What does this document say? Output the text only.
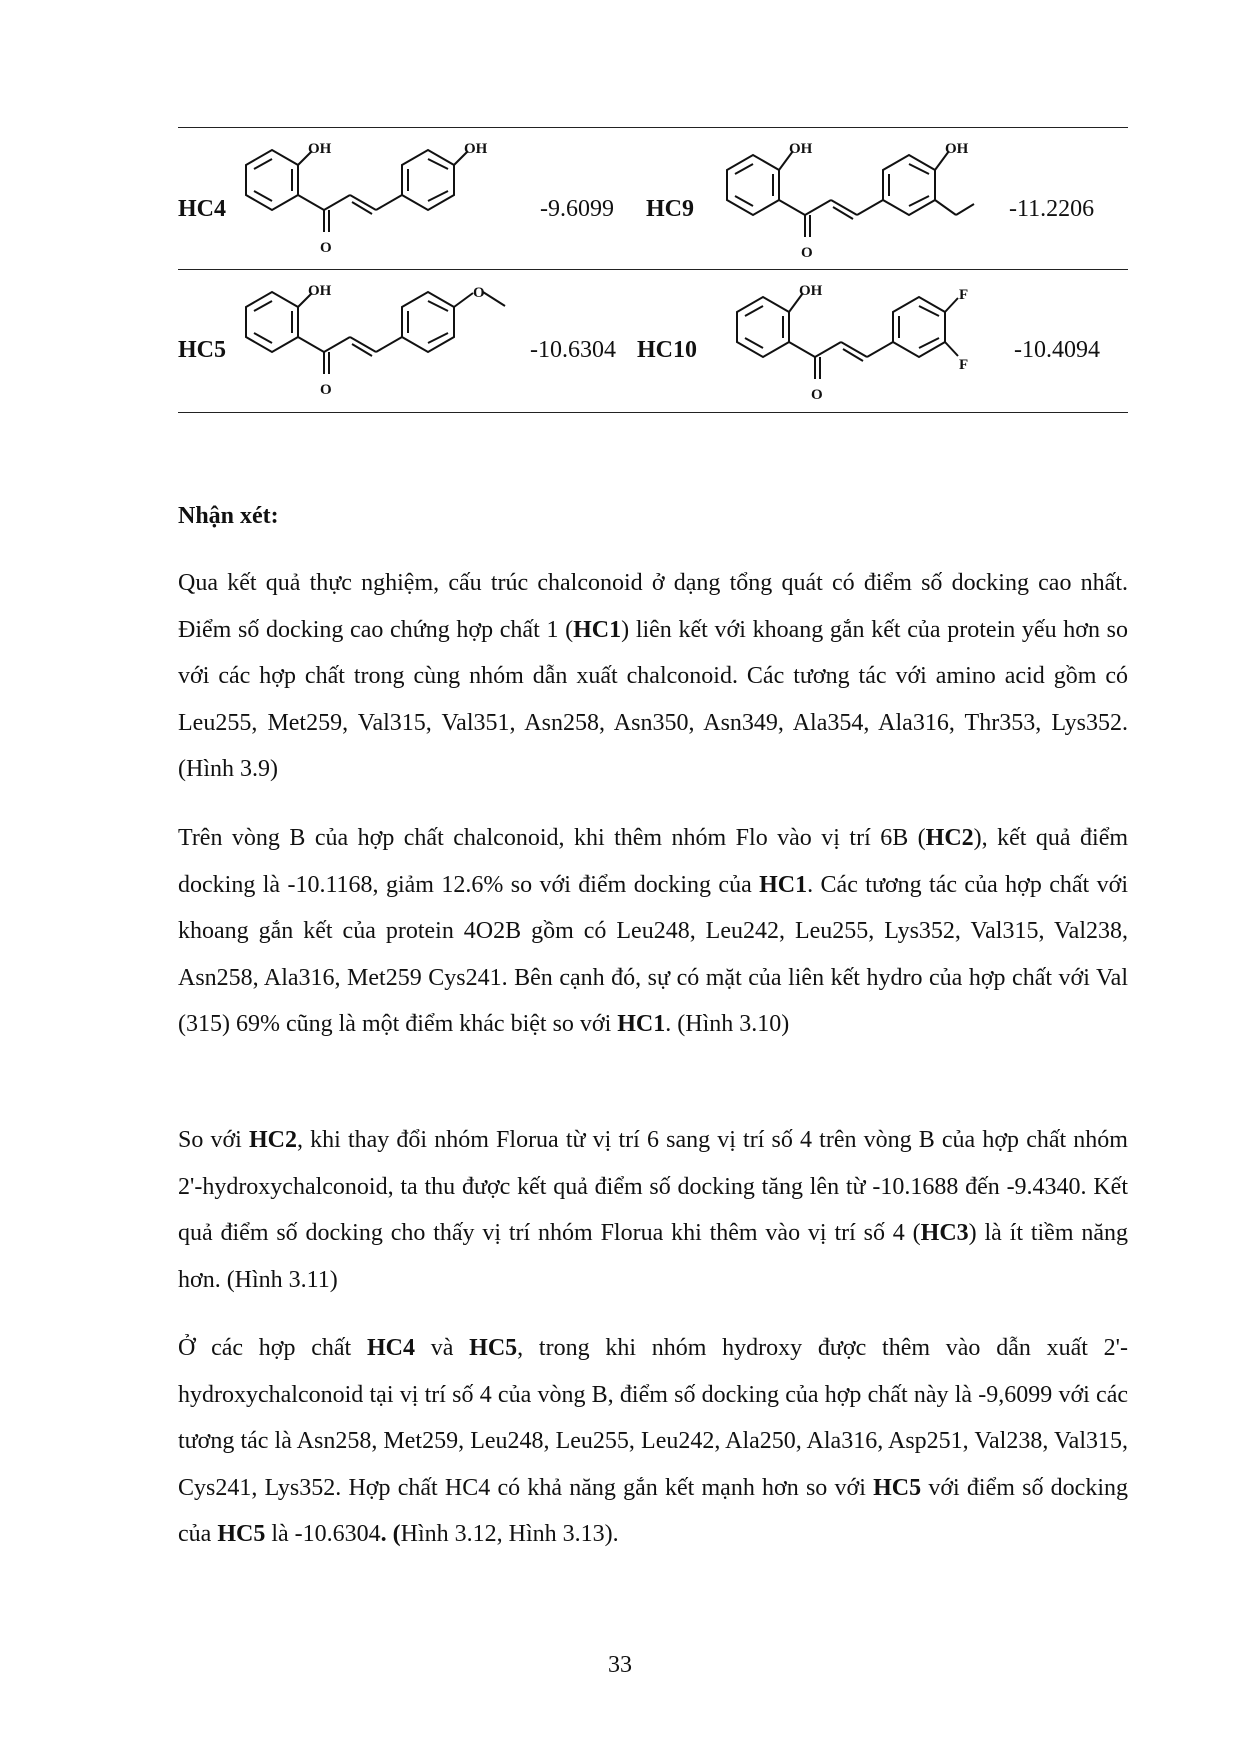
HC4
OH
O
OH
-9.6099 HC9
OH
O
OH
-11.2206
HC5
OH
O
O
-10.6304 HC10
OH
O
F
F
-10.4094
Nhận xét:

Qua kết quả thực nghiệm, cấu trúc chalconoid ở dạng tổng quát có điểm số docking cao nhất. Điểm số docking cao chứng hợp chất 1 (HC1) liên kết với khoang gắn kết của protein yếu hơn so với các hợp chất trong cùng nhóm dẫn xuất chalconoid. Các tương tác với amino acid gồm có Leu255, Met259, Val315, Val351, Asn258, Asn350, Asn349, Ala354, Ala316, Thr353, Lys352. (Hình 3.9)

Trên vòng B của hợp chất chalconoid, khi thêm nhóm Flo vào vị trí 6B (HC2), kết quả điểm docking là -10.1168, giảm 12.6% so với điểm docking của HC1. Các tương tác của hợp chất với khoang gắn kết của protein 4O2B gồm có Leu248, Leu242, Leu255, Lys352, Val315, Val238, Asn258, Ala316, Met259 Cys241. Bên cạnh đó, sự có mặt của liên kết hydro của hợp chất với Val (315) 69% cũng là một điểm khác biệt so với HC1. (Hình 3.10)

So với HC2, khi thay đổi nhóm Florua từ vị trí 6 sang vị trí số 4 trên vòng B của hợp chất nhóm 2'-hydroxychalconoid, ta thu được kết quả điểm số docking tăng lên từ -10.1688 đến -9.4340. Kết quả điểm số docking cho thấy vị trí nhóm Florua khi thêm vào vị trí số 4 (HC3) là ít tiềm năng hơn. (Hình 3.11)

Ở các hợp chất HC4 và HC5, trong khi nhóm hydroxy được thêm vào dẫn xuất 2'-hydroxychalconoid tại vị trí số 4 của vòng B, điểm số docking của hợp chất này là -9,6099 với các tương tác là Asn258, Met259, Leu248, Leu255, Leu242, Ala250, Ala316, Asp251, Val238, Val315, Cys241, Lys352. Hợp chất HC4 có khả năng gắn kết mạnh hơn so với HC5 với điểm số docking của HC5 là -10.6304. (Hình 3.12, Hình 3.13).

33
